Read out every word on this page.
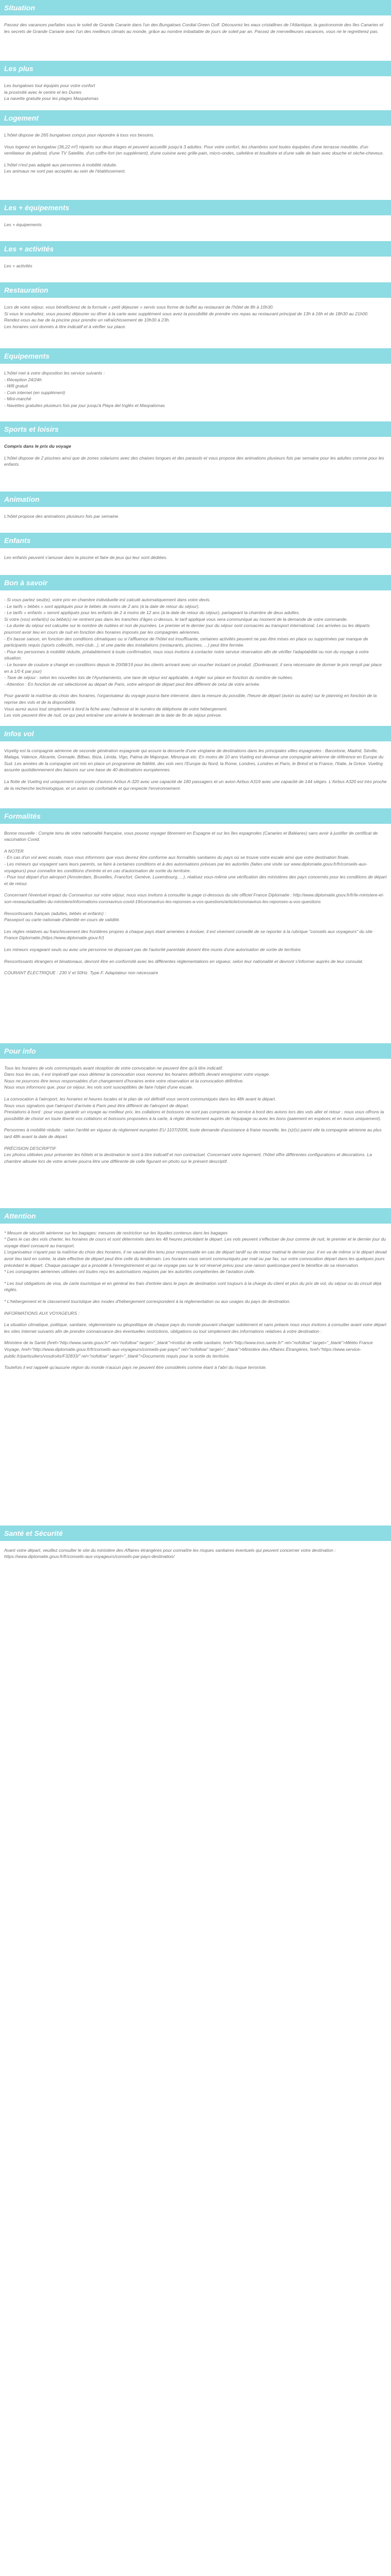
Situation

Passez des vacances parfaites sous le soleil de Grande Canarie dans l'un des Bungalows Cordial Green Golf. Découvrez les eaux cristallines de l'Atlantique, la gastronomie des îles Canaries et les secrets de Grande Canarie avec l'un des meilleurs climats au monde, grâce au nombre imbattable de jours de soleil par an. Passez de merveilleuses vacances, vous ne le regretterez pas.

Les plus

Les bungalows tout équipés pour votre confort
la proximité avec le centre et les Dunes
La navette gratuite pour les plages Maspalomas

Logement

L'hôtel dispose de 265 bungalows conçus pour répondre à tous vos besoins.

Vous logerez en bungalow (36,22 m²) répartis sur deux étages et peuvent accueillir jusqu'à 3 adultes. Pour votre confort, les chambres sont toutes équipées d'une terrasse meublée, d'un ventilateur de plafond, d'une TV Satellite, d'un coffre-fort (en supplément), d'une cuisine avec grille-pain, micro-ondes, cafetière et bouilloire et d'une salle de bain avec douche et sèche-cheveux.

L'hôtel n'est pas adapté aux personnes à mobilité réduite.
Les animaux ne sont pas acceptés au sein de l'établissement.

Les + équipements

Les + équipements

Les + activités

Les + activités

Restauration

Lors de votre séjour, vous bénéficierez de la formule « petit déjeuner » servis sous forme de buffet au restaurant de l'hôtel de 8h à 10h30.
Si vous le souhaitez, vous pouvez déjeuner ou dîner à la carte avec supplément sous avez la possibilité de prendre vos repas au restaurant principal de 13h à 16h et de 18h30 au 21h00.
Rendez-vous au bar de la piscine pour prendre un rafraîchissement de 10h30 à 23h.
Les horaires sont donnés à titre indicatif et à vérifier sur place.

Equipements

L'hôtel met à votre disposition les service suivants :
- Réception 24/24h
- Wifi gratuit
- Coin internet (en supplément)
- Mini-marché
- Navettes gratuites plusieurs fois par jour jusqu'à Playa del Inglés et Maspalomas

Sports et loisirs

Compris dans le prix du voyage

L'hôtel dispose de 2 piscines ainsi que de zones solariums avec des chaises longues et des parasols et vous propose des animations plusieurs fois par semaine pour les adultes comme pour les enfants.

Animation

L'hôtel propose des animations plusieurs fois par semaine.

Enfants

Les enfants peuvent s'amuser dans la piscine et faire de jeux qui leur sont dédiées.

Bon à savoir

- Si vous partez seul(e), votre prix en chambre individuelle est calculé automatiquement dans votre devis.
- Le tarifs « bébés » sont appliqués pour le bébés de moins de 2 ans (à la date de retour du séjour).
- Le tarifs « enfants » seront appliqués pour les enfants de 2 à moins de 12 ans (à la date de retour du séjour), partageant la chambre de deux adultes.
Si votre (vos) enfant(s) ou bébé(s) ne rentrent pas dans les tranches d'âges ci-dessus, le tarif appliqué vous sera communiqué au moment de la demande de votre commande.
- La durée du séjour est calculée sur le nombre de nuitées et non de journées. Le premier et le dernier jour du séjour sont consacrés au transport international. Les arrivées ou les départs pourront avoir lieu en cours de nuit en fonction des horaires imposés par les compagnies aériennes.
- En basse saison, en fonction des conditions climatiques ou si l'affluence de l'hôtel est insuffisante, certaines activités peuvent ne pas être mises en place ou supprimées par manque de participants requis (sports collectifs, mini-club...), et une partie des installations (restaurants, piscines, ...) peut être fermée.
- Pour les personnes à mobilité réduite, préalablement à toute confirmation, nous vous invitons à contacter notre service réservation afin de vérifier l'adaptabilité ou non du voyage à votre situation.
- Le buvare de couture a changé en conditions depuis le 20/08/19 pour les clients arrivant avec un voucher incluant ce produit. (Dorénavant, il sera nécessaire de donner le prix rempli par place en à 1/0 € par jour)
- Taxe de séjour : selon les nouvelles lois de l'Ayuntamiento, une taxe de séjour est applicable, à régler sur place en fonction du nombre de nuitées.
- Attention : En fonction de vot sélectionné au départ de Paris, votre aéroport de départ peut être différent de celui de votre arrivée.

Pour garantir la maîtrise du choix des horaires, l'organisateur du voyage pourra faire intervenir, dans la mesure du possible, l'heure de départ (avion ou autre) sur le planning en fonction de la reprise des vols et de la disponibilité.
Vous aurez aussi tout simplement à bord la fiche avec l'adresse et le numéro de téléphone de votre hébergement.
Les vols peuvent être de nuit, ce qui peut entraîner une arrivée le lendemain de la date de fin de séjour prévue.

Infos vol

Voyelig est la compagnie aérienne de seconde génération espagnole qui assure la desserte d'une vingtaine de destinations dans les principales villes espagnoles : Barcelone, Madrid, Séville, Malaga, Valence, Alicante, Grenade, Bilbao, Ibiza, Lérida, Vigo, Palma de Majorque, Minorque etc. En moins de 10 ans Vueling est devenue une compagnie aérienne de référence en Europe du Sud. Les années de la compagnie ont mis en place un programme de fidélité, des vols vers l'Europe du Nord, la Rome, Londres, Londres et Paris, le Brésil et la France, l'Italie, la Grèce. Vueling assurée quotidiennement des liaisons sur une base de 40 destinations européennes.

La flotte de Vueling est uniquement composée d'avions Airbus A-320 avec une capacité de 180 passagers et un avion Airbus A319 avec une capacité de 144 sièges. L'Airbus A320 est très proche de la recherche technologique, et un avion où confortable et qui respecte l'environnement.

Formalités

Bonne nouvelle : Compte tenu de votre nationalité française, vous pouvez voyager librement en Espagne et sur les îles espagnoles (Canaries et Baléares) sans avoir à justifier de certificat de vaccination Covid.

A NOTER
- En cas d'un vol avec escale, nous vous informons que vous devrez être conforme aux formalités sanitaires du pays où se trouve votre escale ainsi que votre destination finale.
- Les mineurs qui voyagent sans leurs parents, se faire à certaines conditions et à des autorisations prévues par les autorités (faites une visite sur www.diplomatie.gouv.fr/fr/conseils-aux-voyageurs) pour connaître les conditions d'entrée et en cas d'autorisation de sortie du territoire.
- Pour tout départ d'un aéroport (Amsterdam, Bruxelles, Francfort, Genève, Luxembourg, ...), réalisez vous-même une vérification des ministères des pays concernés pour les conditions de départ et de retour.

Concernant l'éventuel impact du Coronavirus sur votre séjour, nous vous invitons à consulter la page ci-dessous du site officiel France Diplomatie : http://www.diplomatie.gouv.fr/fr/le-ministere-et-son-reseau/actualites-du-ministere/informations-coronavirus-covid-19/coronavirus-les-reponses-a-vos-questions/article/coronavirus-les-reponses-a-vos-questions

Ressortissants français (adultes, bébés et enfants) :
Passeport ou carte nationale d'identité en cours de validité.

Les règles relatives au franchissement des frontières propres à chaque pays étant amenées à évoluer, il est vivement conseillé de se reporter à la rubrique "conseils aux voyageurs" du site France Diplomatie.(https://www.diplomatie.gouv.fr/)

Les mineurs voyageant seuls ou avec une personne ne disposant pas de l'autorité parentale doivent être munis d'une autorisation de sortie de territoire.

Ressortissants étrangers et binationaux, devront être en conformité avec les différentes réglementations en vigueur, selon leur nationalité et devront s'informer auprès de leur consulat.

COURANT ÉLECTRIQUE : 230 V et 50Hz. Type F. Adaptateur non nécessaire

Pour info

Tous les horaires de vols communiqués avant réception de votre convocation ne peuvent être qu'à titre indicatif.
Dans tous les cas, il est impératif que vous détenez la convocation vous recevrez les horaires définitifs devant enregistrer votre voyage.
Nous ne pourrons être tenus responsables d'un changement d'horaires entre votre réservation et la convocation définitive.
Nous vous informons que, pour ce séjour, les vols sont susceptibles de faire l'objet d'une escale.

La convocation à l'aéroport, les horaires et heures locales et le plan de vol définitif vous seront communiqués dans les 48h avant le départ.
Nous vous signalons que l'aéroport d'arrivée à Paris peut être différent de l'aéroport de départ.
Prestations à bord : pour vous garantir un voyage au meilleur prix, les collations et boissons ne sont pas comprises au service à bord des avions lors des vols aller et retour ; nous vous offrons la possibilité de choisir en toute liberté vos collations et boissons proposées à la carte, à régler directement auprès de l'équipage ou avec les bons (paiement en espèces et en euros uniquement).

Personnes à mobilité réduite : selon l'arrêté en vigueur du règlement européen EU 1107/2006, toute demande d'assistance à fraise nouvelle, les (s)/(s) parmi elle la compagnie aérienne au plus tard 48h avant la date de départ.

PRÉCISION DESCRIPTIF
Les photos utilisées pour présenter les hôtels et la destination le sont à titre indicatif et non contractuel. Concernant votre logement, l'hôtel offre différentes configurations et décorations. La chambre allouée lors de votre arrivée pourra être une différente de celle figurant en photo sur le présent descriptif.

Attention

* Mesure de sécurité aérienne sur les bagages: mesures de restriction sur les liquides contenus dans les bagages
* Dans le cas des vols charter, les horaires de cours et sont déterminés dans les 48 heures précédant le départ. Les vols peuvent s'effectuer de jour comme de nuit, le premier et le dernier jour du voyage étant consacré au transport.
L'organisateur n'ayant pas la maîtrise du choix des horaires, il ne saurait être tenu pour responsable en cas de départ tardif ou de retour matinal le dernier jour. Il en va de même si le départ devait avoir lieu tard en soirée, la date effective de départ peut être celle du lendemain. Les horaires vous seront communiqués par mail ou par fax, sur votre convocation départ dans les quelques jours précédant le départ. Chaque passager qui a procédé à l'enregistrement et qui ne voyage pas sur le vol réservé prévu pour une raison quelconque perd le bénéfice de sa réservation.
* Les compagnies aériennes utilisées ont toutes reçu les autorisations requises par les autorités compétentes de l'aviation civile.

* Les tout obligations de visa, de carte touristique et en général les frais d'entrée dans le pays de destination sont toujours à la charge du client et plus du prix de vol, du séjour ou du circuit déjà réglés.

* L'hébergement et le classement touristique des modes d'hébergement correspondent à la réglementation ou aux usages du pays de destination.

INFORMATIONS AUX VOYAGEURS :

La situation climatique, politique, sanitaire, réglementaire ou géopolitique de chaque pays du monde pouvant changer subitement et sans préavis nous vous invitons à consulter avant votre départ les sites Internet suivants afin de prendre connaissance des éventuelles restrictions, obligations ou tout simplement des informations relatives à votre destination :

Ministère de la Santé (href="http://www.sante.gouv.fr/" rel="nofollow" target="_blank">Institut de veille sanitaire, href="http://www.invs.sante.fr/" rel="nofollow" target="_blank">Météo France Voyage, href="http://www.diplomatie.gouv.fr/fr/conseils-aux-voyageurs/conseils-par-pays/" rel="nofollow" target="_blank">Ministère des Affaires Étrangères, href="https://www.service-public.fr/particuliers/vosdroits/F32833/" rel="nofollow" target="_blank">Documents requis pour la sortie du territoire.

Toutefois il est rappelé qu'aucune région du monde n'aucun pays ne peuvent être considérés comme étant à l'abri du risque terroriste.

Santé et Sécurité

Avant votre départ, veuillez consulter le site du ministère des Affaires étrangères pour connaître les risques sanitaires éventuels qui peuvent concerner votre destination : https://www.diplomatie.gouv.fr/fr/conseils-aux-voyageurs/conseils-par-pays-destination/
